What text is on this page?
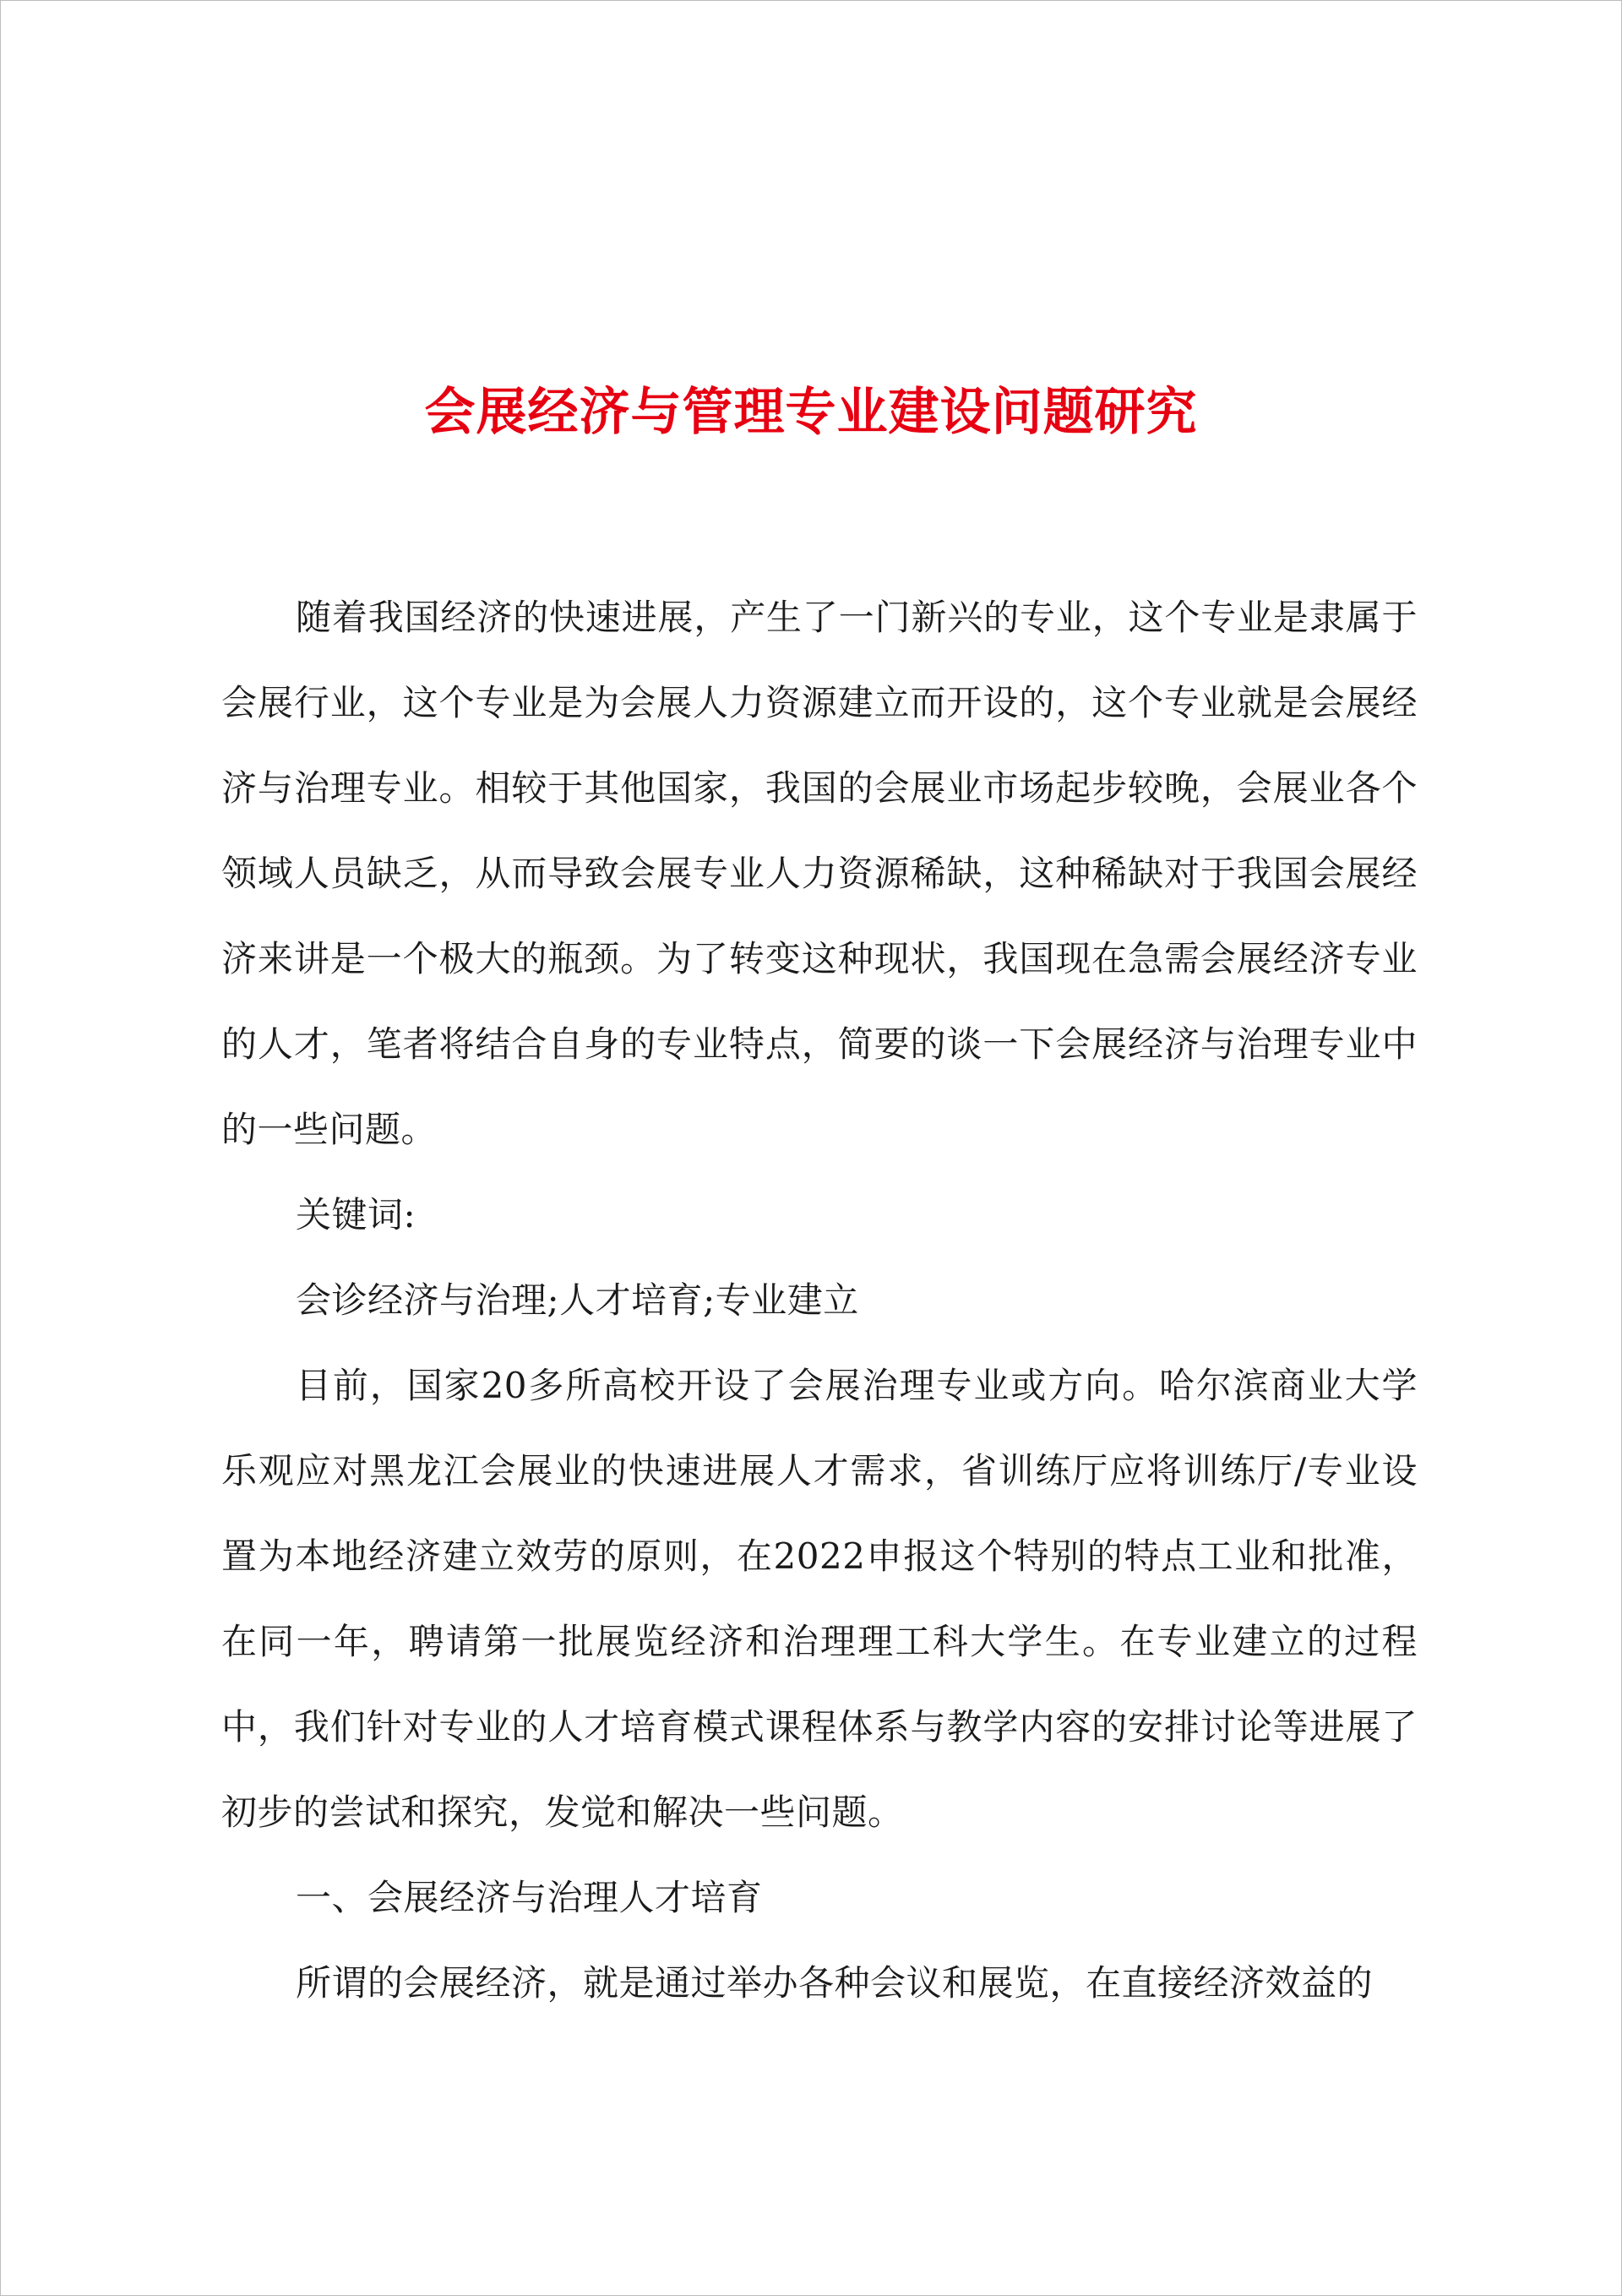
会展经济与管理专业建设问题研究

随着我国经济的快速进展，产生了一门新兴的专业，这个专业是隶属于会展行业，这个专业是为会展人力资源建立而开设的，这个专业就是会展经济与治理专业。相较于其他国家，我国的会展业市场起步较晚，会展业各个领域人员缺乏，从而导致会展专业人力资源稀缺，这种稀缺对于我国会展经济来讲是一个极大的瓶颈。为了转变这种现状，我国现在急需会展经济专业的人才，笔者将结合自身的专业特点，简要的谈一下会展经济与治理专业中的一些问题。

关键词:

会诊经济与治理;人才培育;专业建立

目前，国家20多所高校开设了会展治理专业或方向。哈尔滨商业大学乐观应对黑龙江会展业的快速进展人才需求，省训练厅应将训练厅/专业设置为本地经济建立效劳的原则，在2022申报这个特别的特点工业和批准，在同一年，聘请第一批展览经济和治理理工科大学生。在专业建立的过程中，我们针对专业的人才培育模式课程体系与教学内容的安排讨论等进展了初步的尝试和探究，发觉和解决一些问题。

一、会展经济与治理人才培育

所谓的会展经济，就是通过举办各种会议和展览，在直接经济效益的
